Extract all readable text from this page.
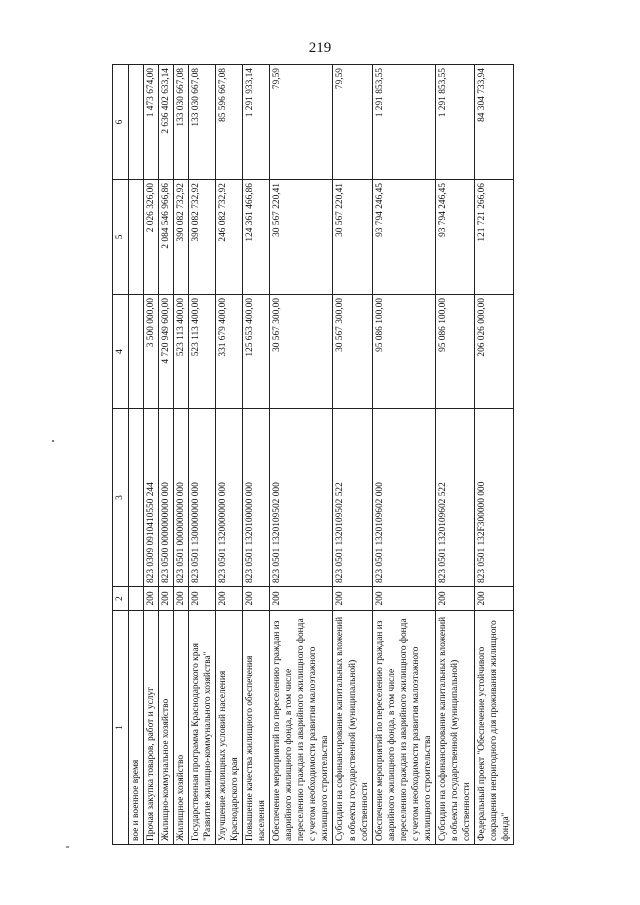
219
1	2	3	4	5	6
вое и военное время					
Прочая закупка товаров, работ и услуг	200	823 0309 0910410550 244	3 500 000,00	2 026 326,00	1 473 674,00
Жилищно-коммунальное хозяйство	200	823 0500 0000000000 000	4 720 949 600,00	2 084 546 966,86	2 636 402 633,14
Жилищное хозяйство	200	823 0501 0000000000 000	523 113 400,00	390 082 732,92	133 030 667,08
Государственная программа Краснодарского края "Развитие жилищно-коммунального хозяйства"	200	823 0501 1300000000 000	523 113 400,00	390 082 732,92	133 030 667,08
Улучшение жилищных условий населения Краснодарского края	200	823 0501 1320000000 000	331 679 400,00	246 082 732,92	85 596 667,08
Повышение качества жилищного обеспечения населения	200	823 0501 1320100000 000	125 653 400,00	124 361 466,86	1 291 933,14
Обеспечение мероприятий по переселению граждан из аварийного жилищного фонда, в том числе переселению граждан из аварийного жилищного фонда с учетом необходимости развития малоэтажного жилищного строительства	200	823 0501 1320109502 000	30 567 300,00	30 567 220,41	79,59
Субсидии на софинансирование капитальных вложений в объекты государственной (муниципальной) собственности	200	823 0501 1320109502 522	30 567 300,00	30 567 220,41	79,59
Обеспечение мероприятий по переселению граждан из аварийного жилищного фонда, в том числе переселению граждан из аварийного жилищного фонда с учетом необходимости развития малоэтажного жилищного строительства	200	823 0501 1320109602 000	95 086 100,00	93 794 246,45	1 291 853,55
Субсидии на софинансирование капитальных вложений в объекты государственной (муниципальной) собственности	200	823 0501 1320109602 522	95 086 100,00	93 794 246,45	1 291 853,55
Федеральный проект "Обеспечение устойчивого сокращения непригодного для проживания жилищного фонда"	200	823 0501 132F300000 000	206 026 000,00	121 721 266,06	84 304 733,94
